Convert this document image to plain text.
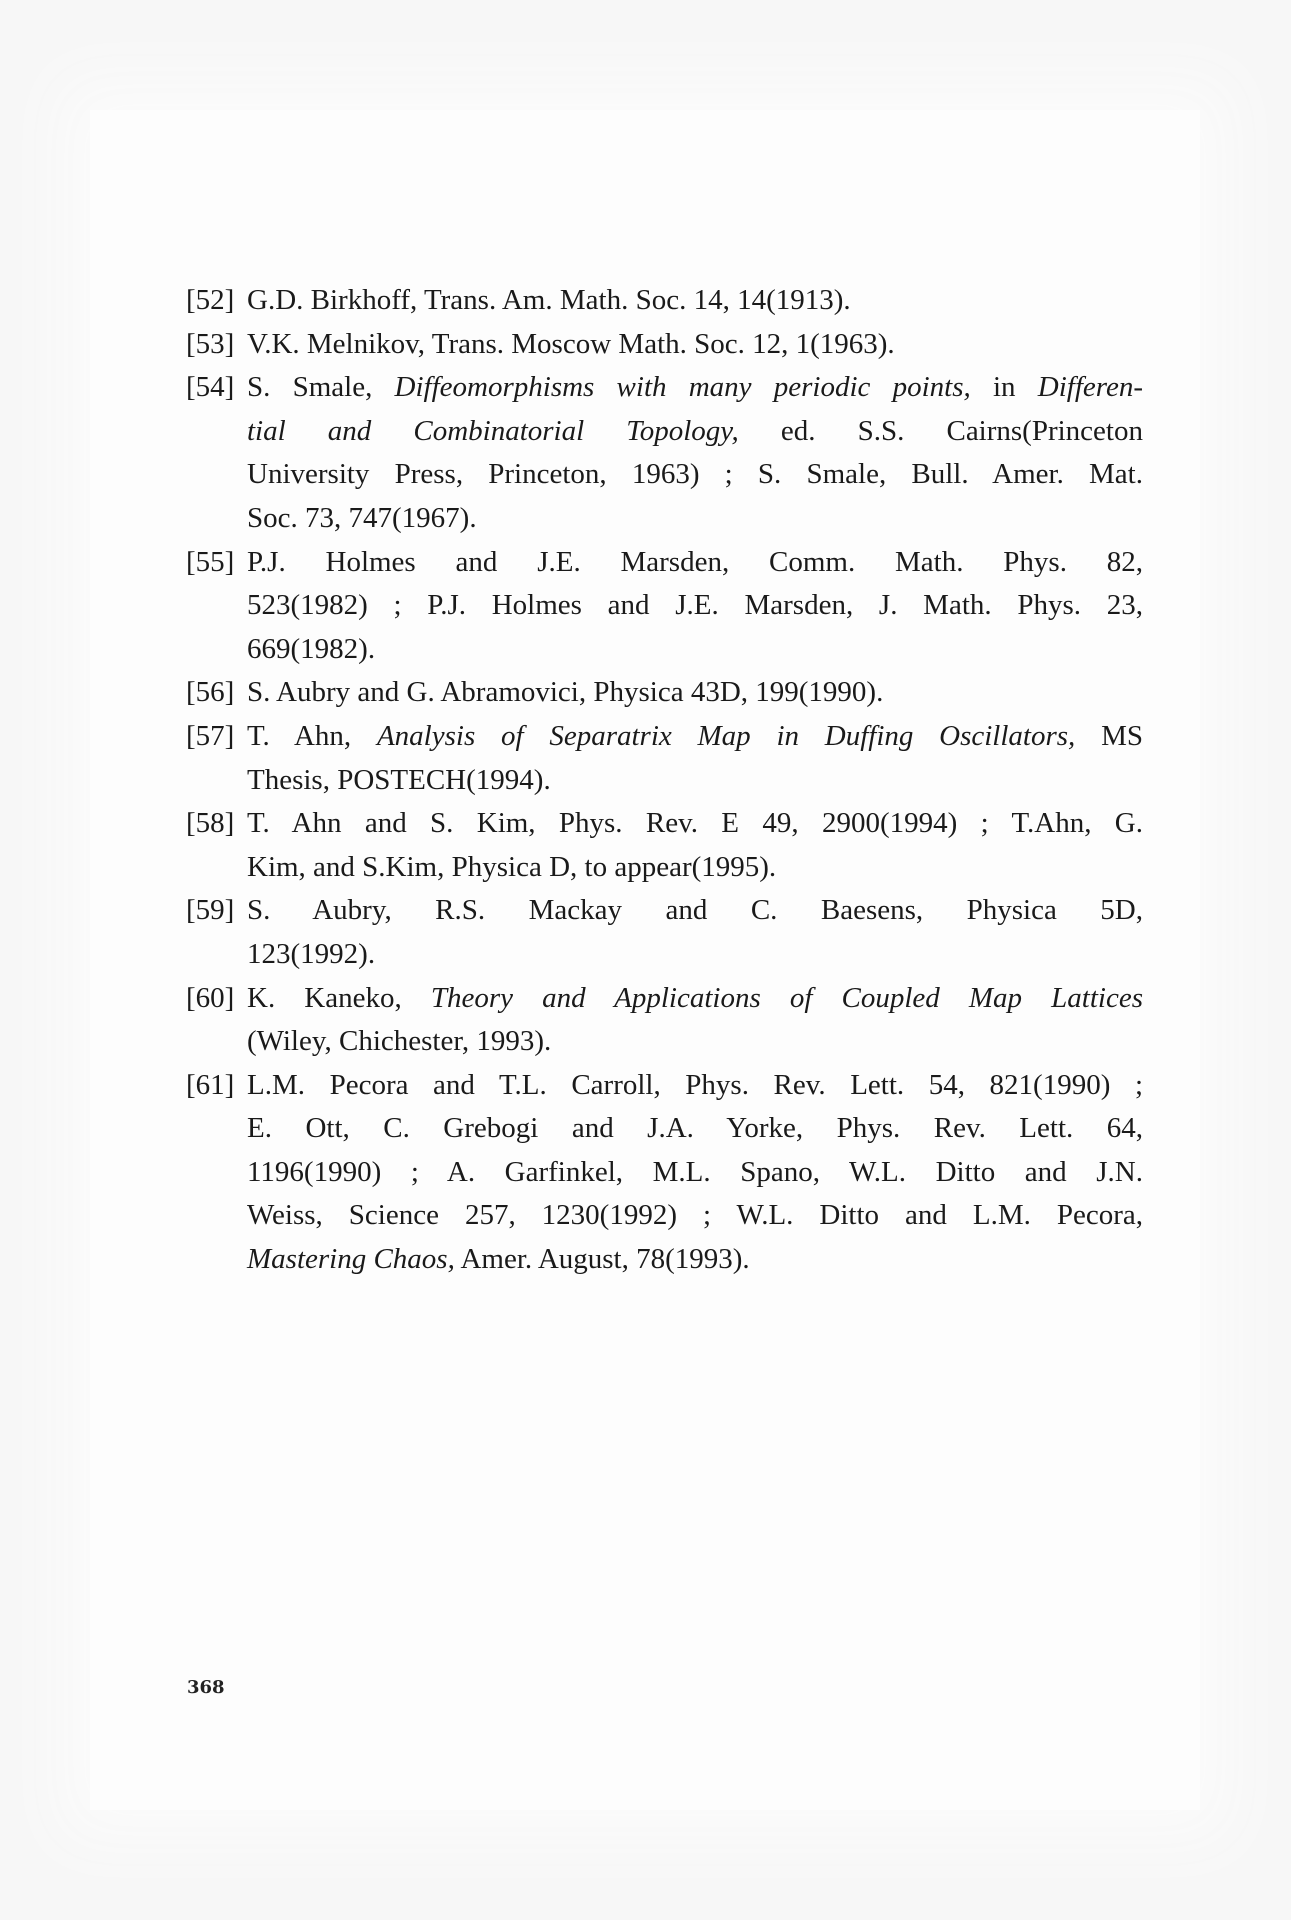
[52] G.D. Birkhoff, Trans. Am. Math. Soc. 14, 14(1913).
[53] V.K. Melnikov, Trans. Moscow Math. Soc. 12, 1(1963).
[54] S. Smale, Diffeomorphisms with many periodic points, in Differen-
tial and Combinatorial Topology, ed. S.S. Cairns(Princeton
University Press, Princeton, 1963) ; S. Smale, Bull. Amer. Mat.
Soc. 73, 747(1967).
[55] P.J. Holmes and J.E. Marsden, Comm. Math. Phys. 82,
523(1982) ; P.J. Holmes and J.E. Marsden, J. Math. Phys. 23,
669(1982).
[56] S. Aubry and G. Abramovici, Physica 43D, 199(1990).
[57] T. Ahn, Analysis of Separatrix Map in Duffing Oscillators, MS
Thesis, POSTECH(1994).
[58] T. Ahn and S. Kim, Phys. Rev. E 49, 2900(1994) ; T.Ahn, G.
Kim, and S.Kim, Physica D, to appear(1995).
[59] S. Aubry, R.S. Mackay and C. Baesens, Physica 5D,
123(1992).
[60] K. Kaneko, Theory and Applications of Coupled Map Lattices
(Wiley, Chichester, 1993).
[61] L.M. Pecora and T.L. Carroll, Phys. Rev. Lett. 54, 821(1990) ;
E. Ott, C. Grebogi and J.A. Yorke, Phys. Rev. Lett. 64,
1196(1990) ; A. Garfinkel, M.L. Spano, W.L. Ditto and J.N.
Weiss, Science 257, 1230(1992) ; W.L. Ditto and L.M. Pecora,
Mastering Chaos, Amer. August, 78(1993).
368
